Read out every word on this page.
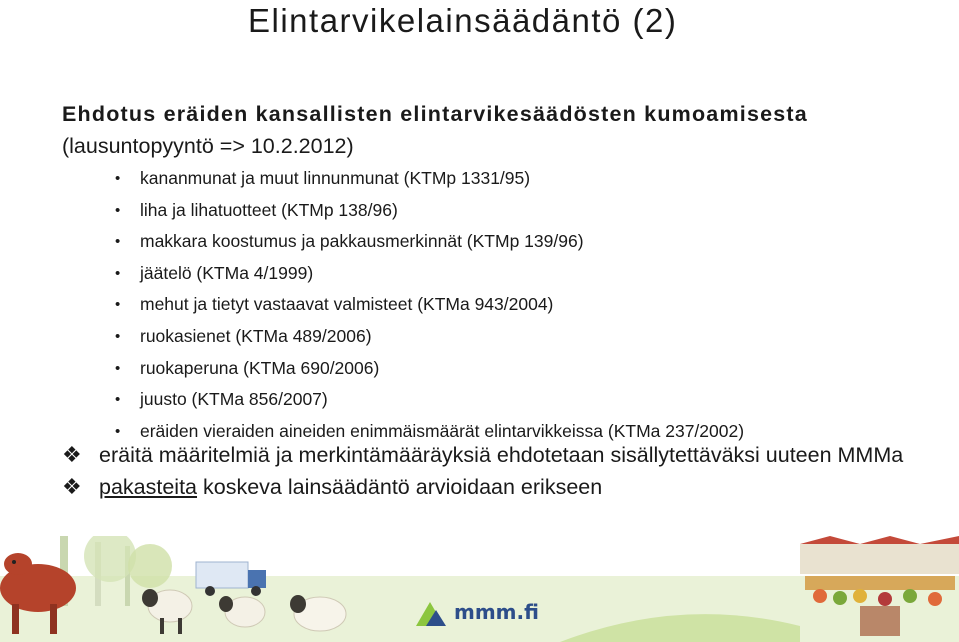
Elintarvikelainsäädäntö (2)
Ehdotus eräiden kansallisten elintarvikesäädösten kumoamisesta (lausuntopyyntö => 10.2.2012)
• kananmunat ja muut linnunmunat (KTMp 1331/95)
• liha ja lihatuotteet (KTMp 138/96)
• makkara koostumus ja pakkausmerkinnät (KTMp 139/96)
• jäätelö (KTMa 4/1999)
• mehut ja tietyt vastaavat valmisteet (KTMa 943/2004)
• ruokasienet (KTMa 489/2006)
• ruokaperuna (KTMa 690/2006)
• juusto (KTMa 856/2007)
• eräiden vieraiden aineiden enimmäismäärät elintarvikkeissa (KTMa 237/2002)
❖ eräitä määritelmiä ja merkintämääräyksiä ehdotetaan sisällytettäväksi uuteen MMMa
❖ pakasteita koskeva lainsäädäntö arvioidaan erikseen
mmm.fi
